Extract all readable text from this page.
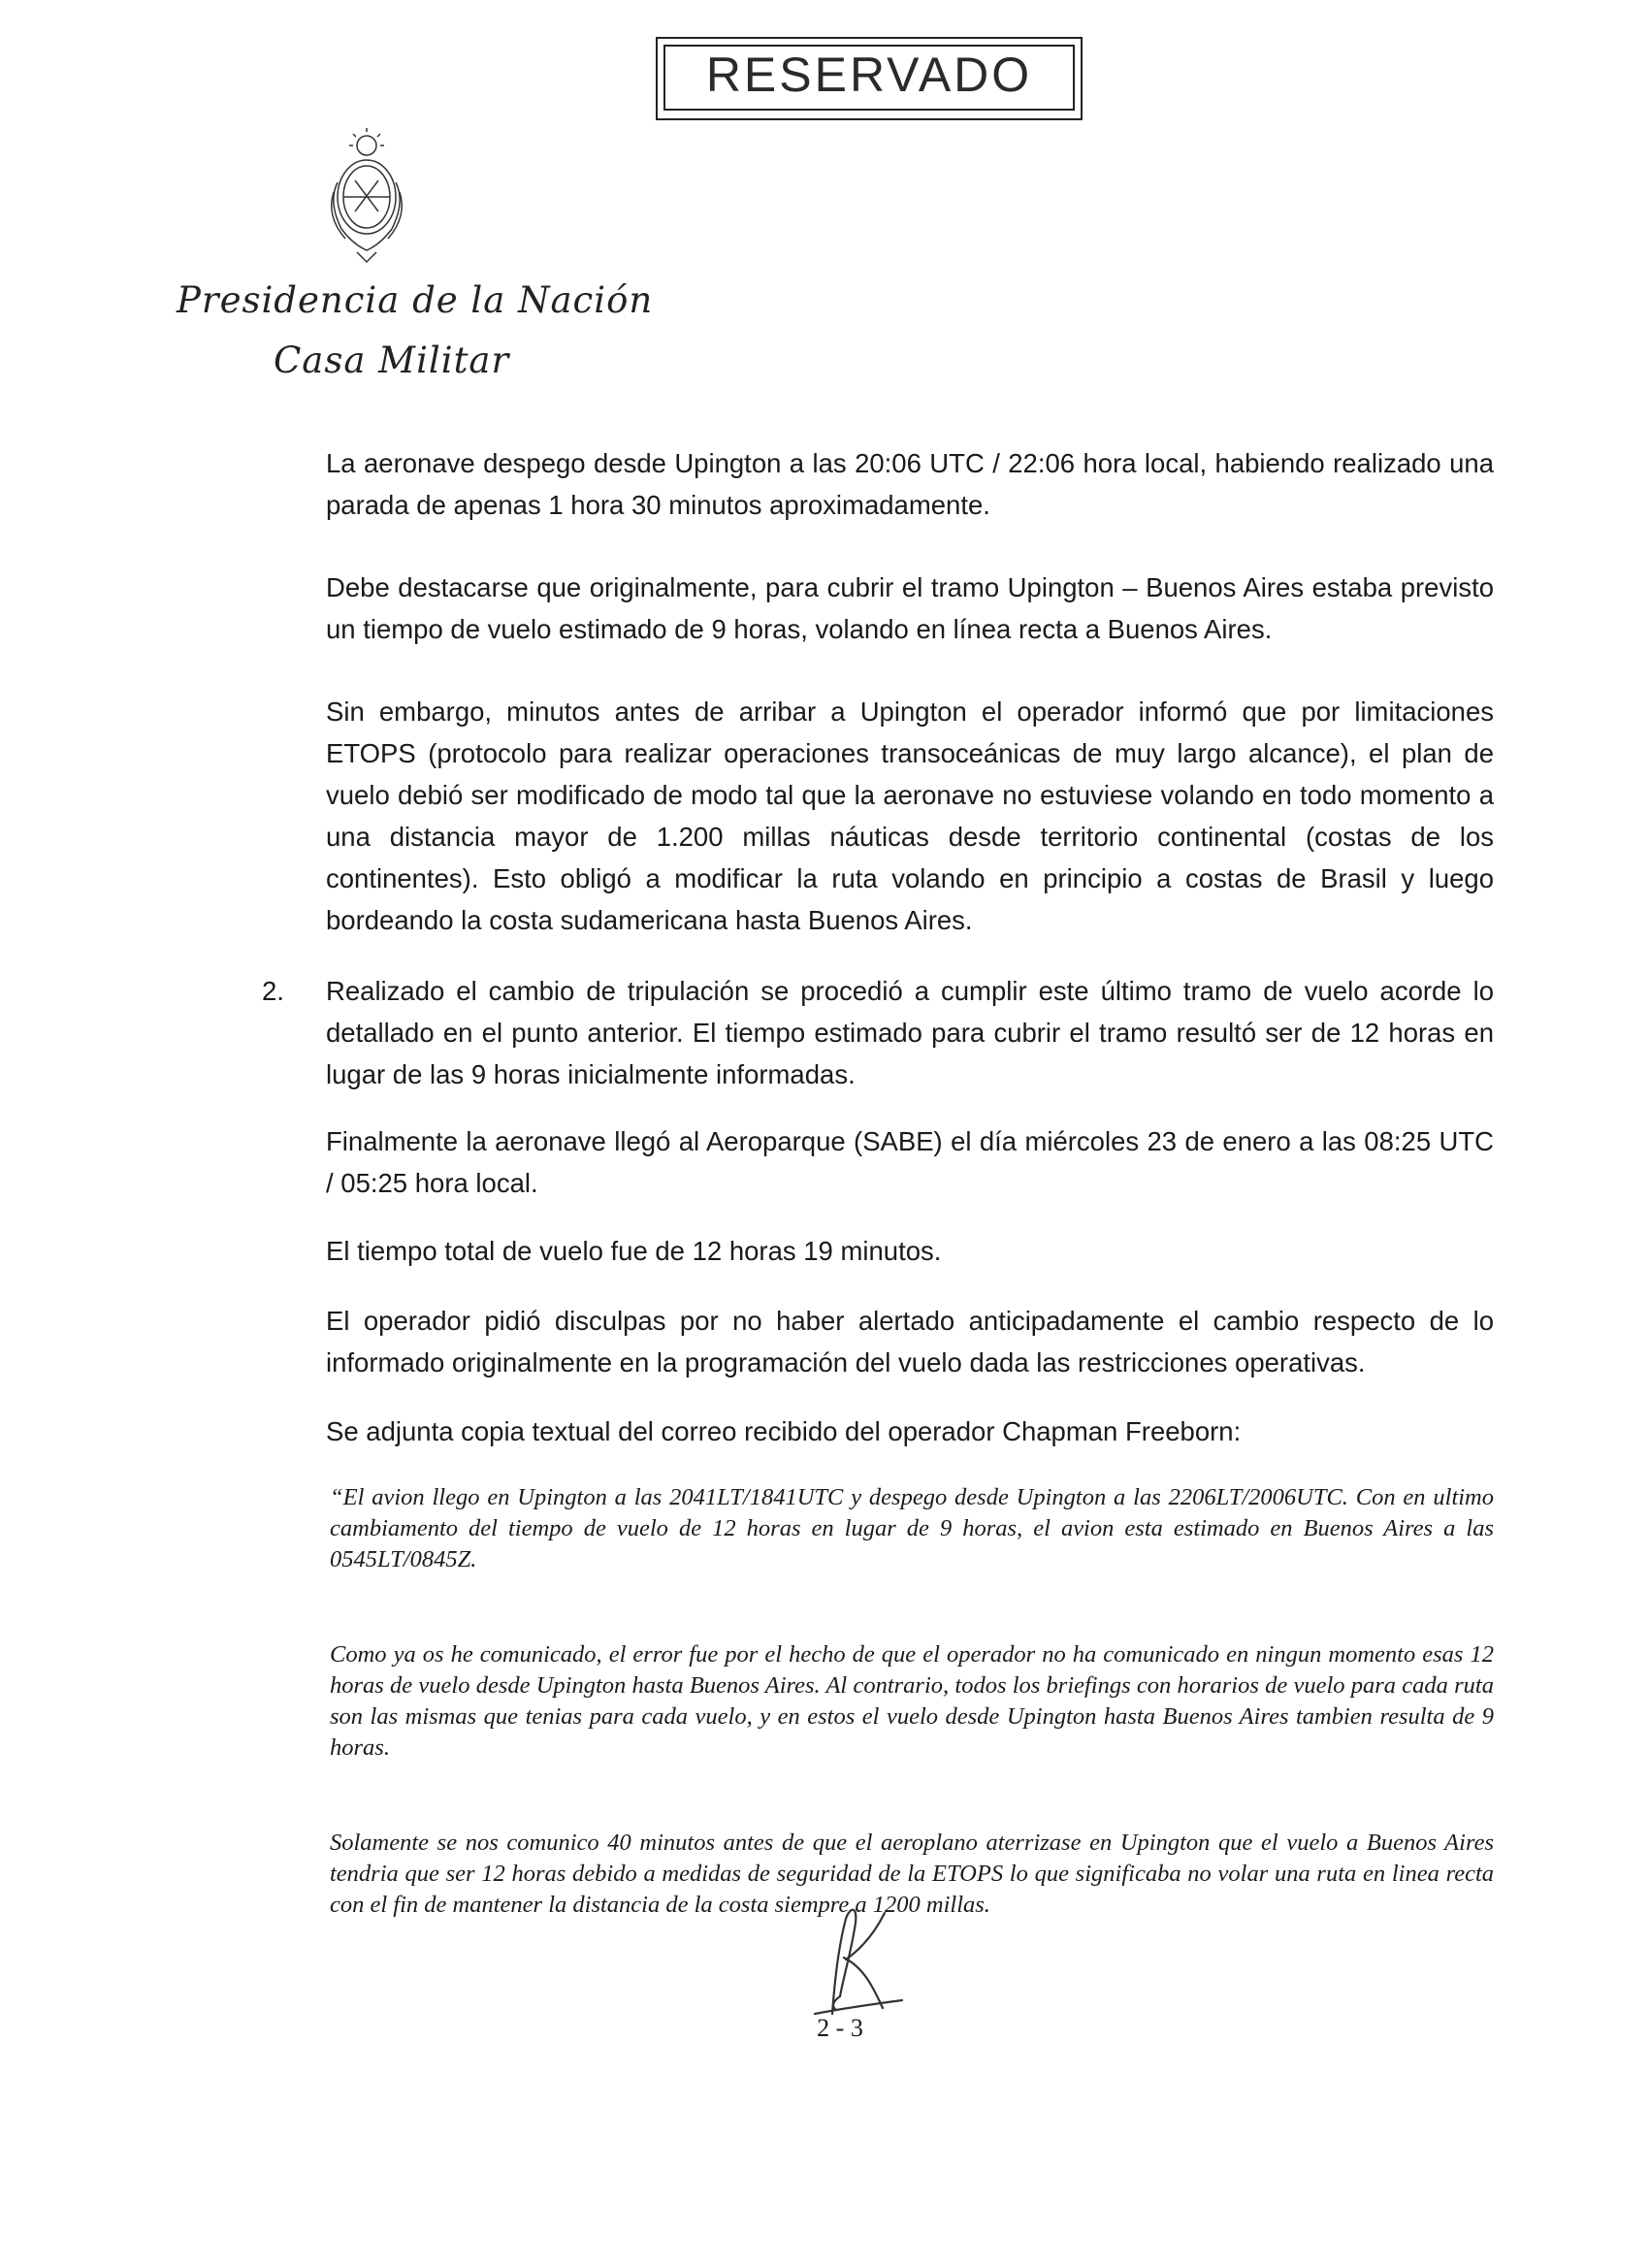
RESERVADO
Presidencia de la Nación
Casa Militar
La aeronave despego desde Upington a las 20:06 UTC / 22:06 hora local, habiendo realizado una parada de apenas 1 hora 30 minutos aproximadamente.
Debe destacarse que originalmente, para cubrir el tramo Upington – Buenos Aires estaba previsto un tiempo de vuelo estimado de 9 horas, volando en línea recta a Buenos Aires.
Sin embargo, minutos antes de arribar a Upington el operador informó que por limitaciones ETOPS (protocolo para realizar operaciones transoceánicas de muy largo alcance), el plan de vuelo debió ser modificado de modo tal que la aeronave no estuviese volando en todo momento a una distancia mayor de 1.200 millas náuticas desde territorio continental (costas de los continentes). Esto obligó a modificar la ruta volando en principio a costas de Brasil y luego bordeando la costa sudamericana hasta Buenos Aires.
2. Realizado el cambio de tripulación se procedió a cumplir este último tramo de vuelo acorde lo detallado en el punto anterior. El tiempo estimado para cubrir el tramo resultó ser de 12 horas en lugar de las 9 horas inicialmente informadas.
Finalmente la aeronave llegó al Aeroparque (SABE) el día miércoles 23 de enero a las 08:25 UTC / 05:25 hora local.
El tiempo total de vuelo fue de 12 horas 19 minutos.
El operador pidió disculpas por no haber alertado anticipadamente el cambio respecto de lo informado originalmente en la programación del vuelo dada las restricciones operativas.
Se adjunta copia textual del correo recibido del operador Chapman Freeborn:
“El avion llego en Upington a las 2041LT/1841UTC y despego desde Upington a las 2206LT/2006UTC. Con en ultimo cambiamento del tiempo de vuelo de 12 horas en lugar de 9 horas, el avion esta estimado en Buenos Aires a las 0545LT/0845Z.
Como ya os he comunicado, el error fue por el hecho de que el operador no ha comunicado en ningun momento esas 12 horas de vuelo desde Upington hasta Buenos Aires. Al contrario, todos los briefings con horarios de vuelo para cada ruta son las mismas que tenias para cada vuelo, y en estos el vuelo desde Upington hasta Buenos Aires tambien resulta de 9 horas.
Solamente se nos comunico 40 minutos antes de que el aeroplano aterrizase en Upington que el vuelo a Buenos Aires tendria que ser 12 horas debido a medidas de seguridad de la ETOPS lo que significaba no volar una ruta en linea recta con el fin de mantener la distancia de la costa siempre a 1200 millas.
2 - 3
